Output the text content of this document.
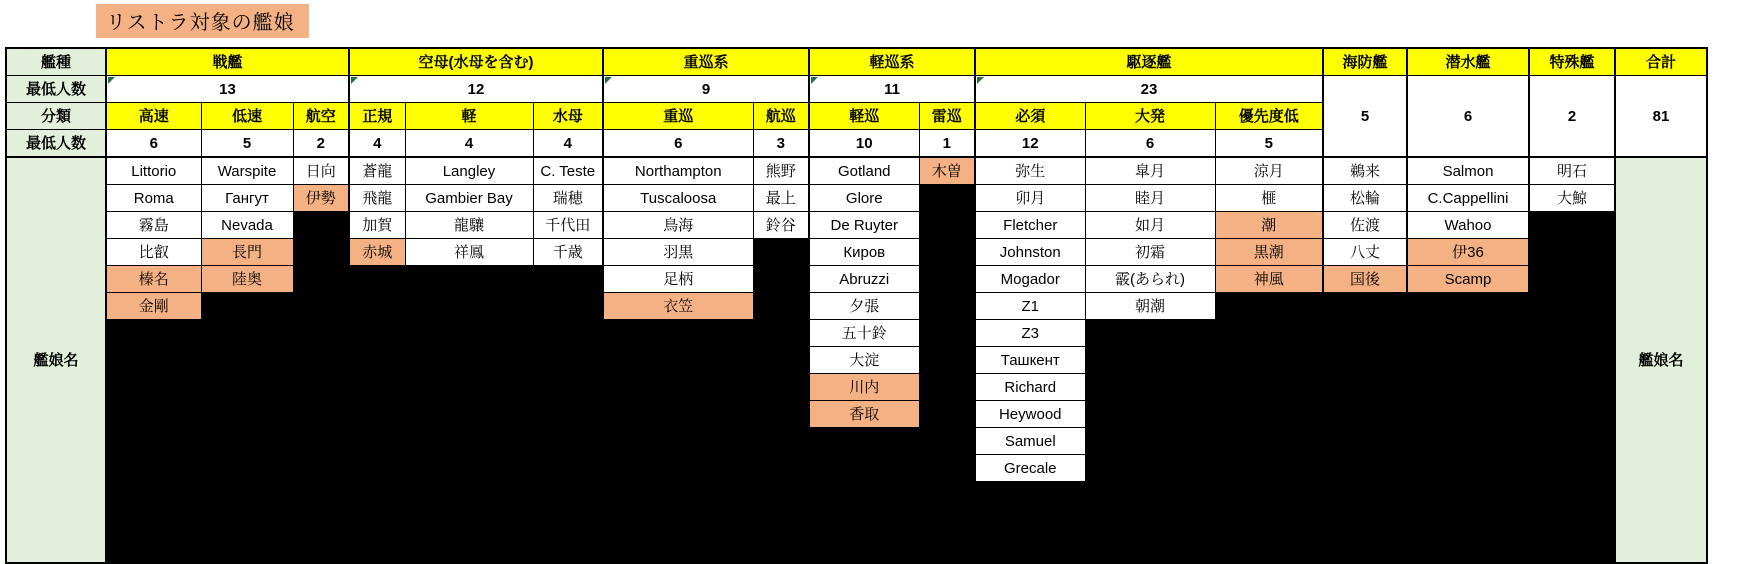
リストラ対象の艦娘
艦種	戦艦			空母(水母を含む)			重巡系		軽巡系		駆逐艦			海防艦	潜水艦	特殊艦	合計
最低人数	13			12			9		11		23			5	6	2	81
分類	高速	低速	航空	正規	軽	水母	重巡	航巡	軽巡	雷巡	必須	大発	優先度低				
最低人数	6	5	2	4	4	4	6	3	10	1	12	6	5				
艦娘名	Littorio	Warspite	日向	蒼龍	Langley	C. Teste	Northampton	熊野	Gotland	木曽	弥生	皐月	涼月	鵜来	Salmon	明石	艦娘名
	Roma	Гангут	伊勢	飛龍	Gambier Bay	瑞穂	Tuscaloosa	最上	Glore		卯月	睦月	榧	松輪	C.Cappellini	大鯨	
	霧島	Nevada		加賀	龍驤	千代田	鳥海	鈴谷	De Ruyter		Fletcher	如月	潮	佐渡	Wahoo		
	比叡	長門		赤城	祥鳳	千歳	羽黒		Киров		Johnston	初霜	黒潮	八丈	伊36		
	榛名	陸奥					足柄		Abruzzi		Mogador	霰(あられ)	神風	国後	Scamp		
	金剛						衣笠		夕張		Z1	朝潮					
									五十鈴		Z3						
									大淀		Ташкент						
									川内		Richard						
									香取		Heywood						
											Samuel						
											Grecale						
